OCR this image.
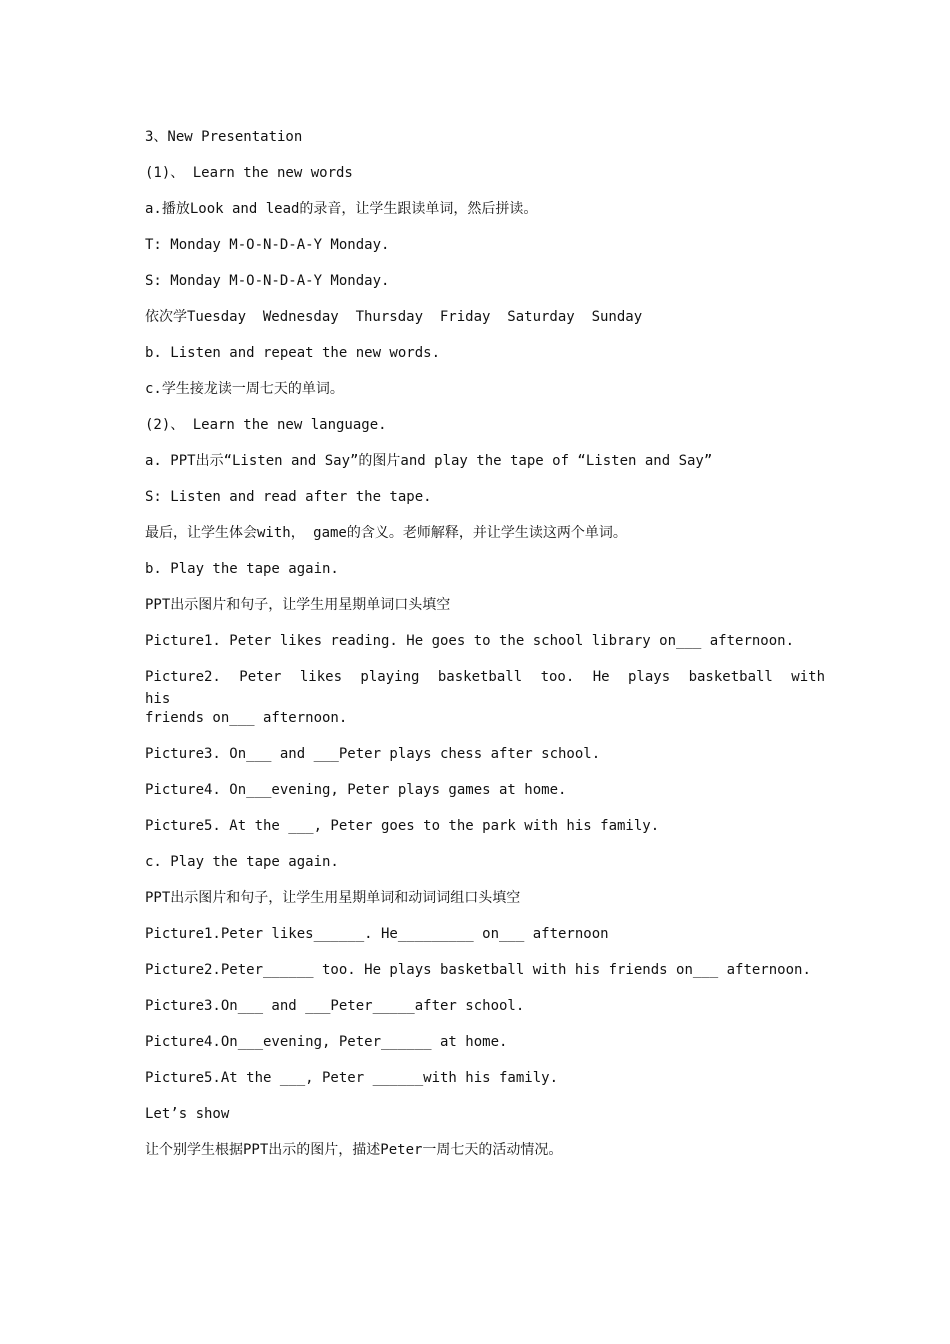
3、New Presentation
(1)、 Learn the new words
a.播放Look and lead的录音，让学生跟读单词，然后拼读。
T: Monday M-O-N-D-A-Y Monday.
S: Monday M-O-N-D-A-Y Monday.
依次学Tuesday  Wednesday  Thursday  Friday  Saturday  Sunday
b. Listen and repeat the new words.
c.学生接龙读一周七天的单词。
(2)、 Learn the new language.
a. PPT出示“Listen and Say”的图片and play the tape of “Listen and Say”
S: Listen and read after the tape.
最后，让学生体会with， game的含义。老师解释，并让学生读这两个单词。
b. Play the tape again.
PPT出示图片和句子，让学生用星期单词口头填空
Picture1. Peter likes reading. He goes to the school library on___ afternoon.
Picture2. Peter likes playing basketball too. He plays basketball with his
friends on___ afternoon.
Picture3. On___ and ___Peter plays chess after school.
Picture4. On___evening, Peter plays games at home.
Picture5. At the ___, Peter goes to the park with his family.
c. Play the tape again.
PPT出示图片和句子，让学生用星期单词和动词词组口头填空
Picture1.Peter likes______. He_________ on___ afternoon
Picture2.Peter______ too. He plays basketball with his friends on___ afternoon.
Picture3.On___ and ___Peter_____after school.
Picture4.On___evening, Peter______ at home.
Picture5.At the ___, Peter ______with his family.
Let’s show
让个别学生根据PPT出示的图片，描述Peter一周七天的活动情况。
